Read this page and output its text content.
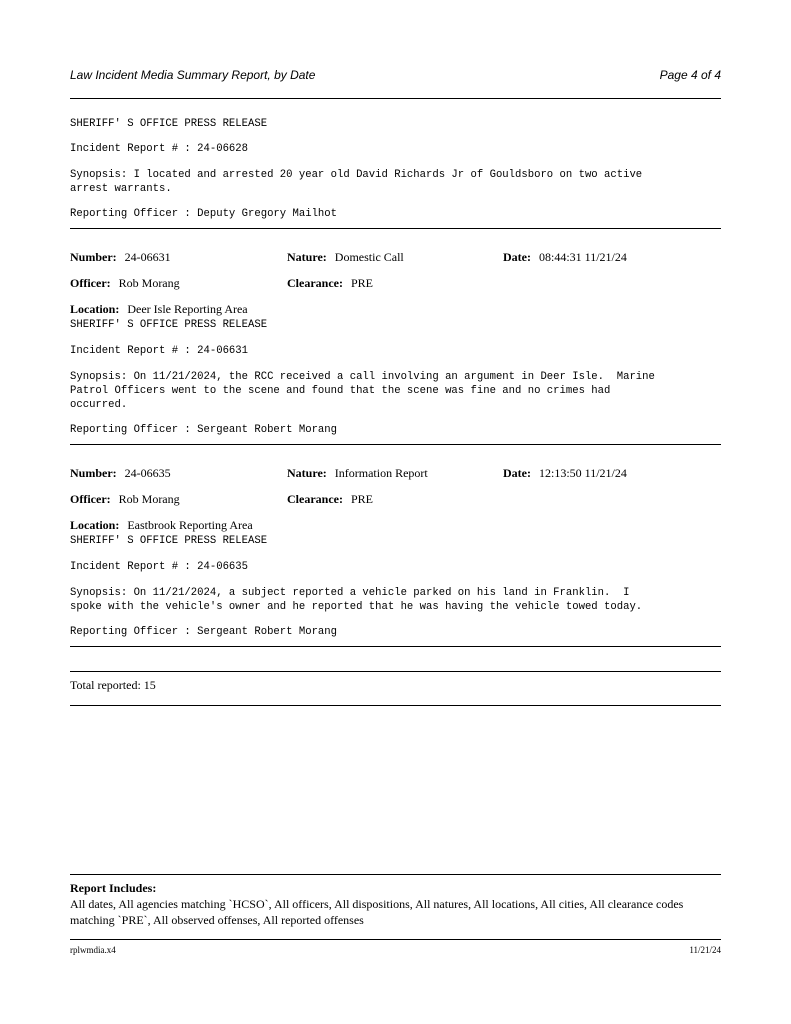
Law Incident Media Summary Report, by Date	Page 4 of 4
SHERIFF' S OFFICE PRESS RELEASE
Incident Report # : 24-06628
Synopsis: I located and arrested 20 year old David Richards Jr of Gouldsboro on two active
arrest warrants.
Reporting Officer : Deputy Gregory Mailhot
Number: 24-06631	Nature: Domestic Call	Date: 08:44:31 11/21/24
Officer: Rob Morang	Clearance: PRE
Location: Deer Isle Reporting Area
SHERIFF' S OFFICE PRESS RELEASE
Incident Report # : 24-06631
Synopsis: On 11/21/2024, the RCC received a call involving an argument in Deer Isle.  Marine
Patrol Officers went to the scene and found that the scene was fine and no crimes had
occurred.
Reporting Officer : Sergeant Robert Morang
Number: 24-06635	Nature: Information Report	Date: 12:13:50 11/21/24
Officer: Rob Morang	Clearance: PRE
Location: Eastbrook Reporting Area
SHERIFF' S OFFICE PRESS RELEASE
Incident Report # : 24-06635
Synopsis: On 11/21/2024, a subject reported a vehicle parked on his land in Franklin.  I
spoke with the vehicle's owner and he reported that he was having the vehicle towed today.
Reporting Officer : Sergeant Robert Morang
Total reported: 15
Report Includes:
All dates, All agencies matching `HCSO`, All officers, All dispositions, All natures, All locations, All cities, All clearance codes matching `PRE`, All observed offenses, All reported offenses
rplwmdia.x4	11/21/24
